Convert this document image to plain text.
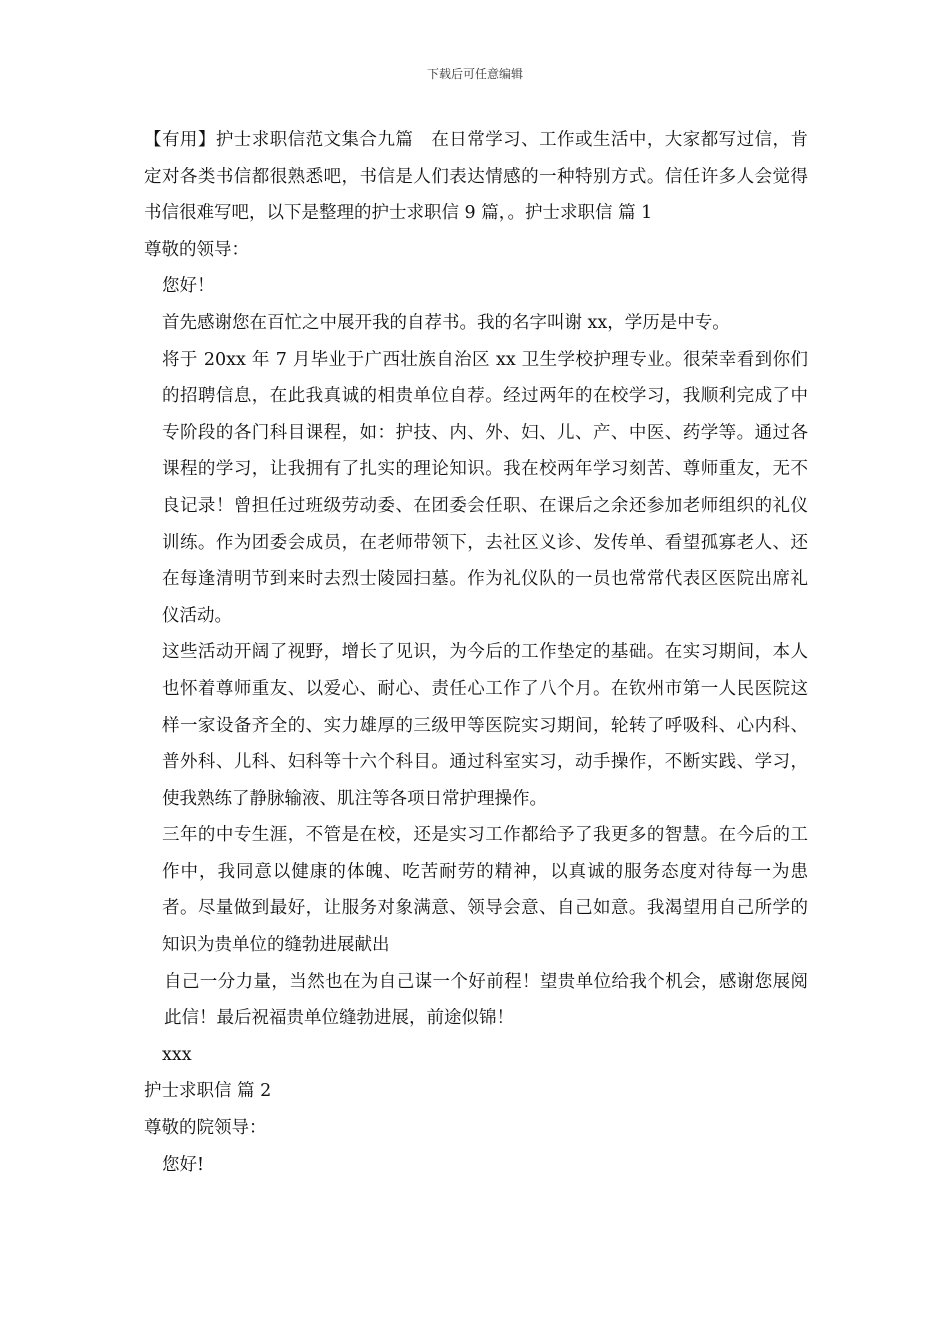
下载后可任意编辑

【有用】护士求职信范文集合九篇　在日常学习、工作或生活中，大家都写过信，肯定对各类书信都很熟悉吧，书信是人们表达情感的一种特别方式。信任许多人会觉得书信很难写吧，以下是整理的护士求职信 9 篇，。护士求职信 篇 1

尊敬的领导：

您好！

首先感谢您在百忙之中展开我的自荐书。我的名字叫谢 xx，学历是中专。

将于 20xx 年 7 月毕业于广西壮族自治区 xx 卫生学校护理专业。很荣幸看到你们的招聘信息，在此我真诚的相贵单位自荐。经过两年的在校学习，我顺利完成了中专阶段的各门科目课程，如：护技、内、外、妇、儿、产、中医、药学等。通过各课程的学习，让我拥有了扎实的理论知识。我在校两年学习刻苦、尊师重友，无不良记录！曾担任过班级劳动委、在团委会任职、在课后之余还参加老师组织的礼仪训练。作为团委会成员，在老师带领下，去社区义诊、发传单、看望孤寡老人、还在每逢清明节到来时去烈士陵园扫墓。作为礼仪队的一员也常常代表区医院出席礼仪活动。

这些活动开阔了视野，增长了见识，为今后的工作垫定的基础。在实习期间，本人也怀着尊师重友、以爱心、耐心、责任心工作了八个月。在钦州市第一人民医院这样一家设备齐全的、实力雄厚的三级甲等医院实习期间，轮转了呼吸科、心内科、普外科、儿科、妇科等十六个科目。通过科室实习，动手操作，不断实践、学习，使我熟练了静脉输液、肌注等各项日常护理操作。

三年的中专生涯，不管是在校，还是实习工作都给予了我更多的智慧。在今后的工作中，我同意以健康的体魄、吃苦耐劳的精神，以真诚的服务态度对待每一为患者。尽量做到最好，让服务对象满意、领导会意、自己如意。我渴望用自己所学的知识为贵单位的缝勃进展献出

自己一分力量，当然也在为自己谋一个好前程！望贵单位给我个机会，感谢您展阅此信！最后祝福贵单位缝勃进展，前途似锦！

xxx

护士求职信 篇 2

尊敬的院领导：

您好!
